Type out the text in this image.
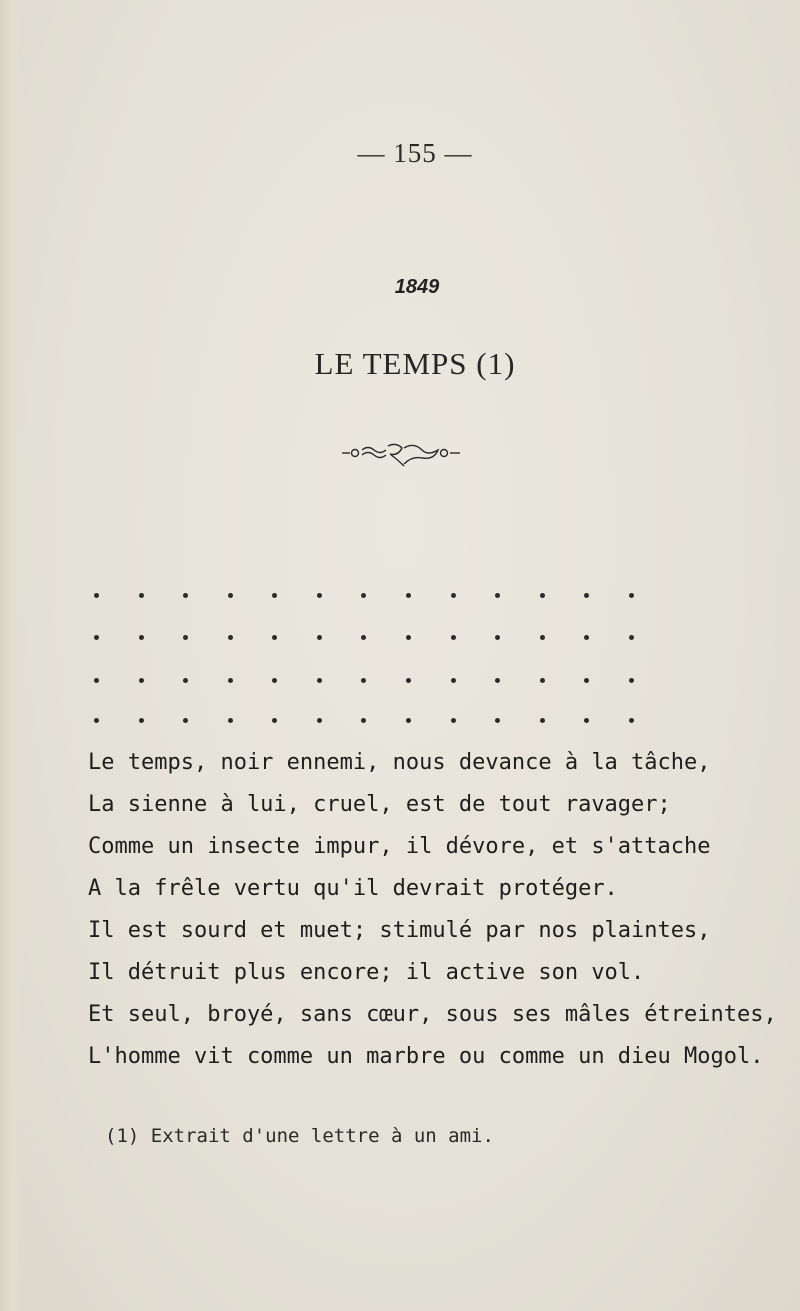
— 155 —
1849
LE TEMPS (1)
Le temps, noir ennemi, nous devance à la tâche,
La sienne à lui, cruel, est de tout ravager;
Comme un insecte impur, il dévore, et s'attache
A la frêle vertu qu'il devrait protéger.
Il est sourd et muet; stimulé par nos plaintes,
Il détruit plus encore; il active son vol.
Et seul, broyé, sans cœur, sous ses mâles étreintes,
L'homme vit comme un marbre ou comme un dieu Mogol.
(1) Extrait d'une lettre à un ami.
